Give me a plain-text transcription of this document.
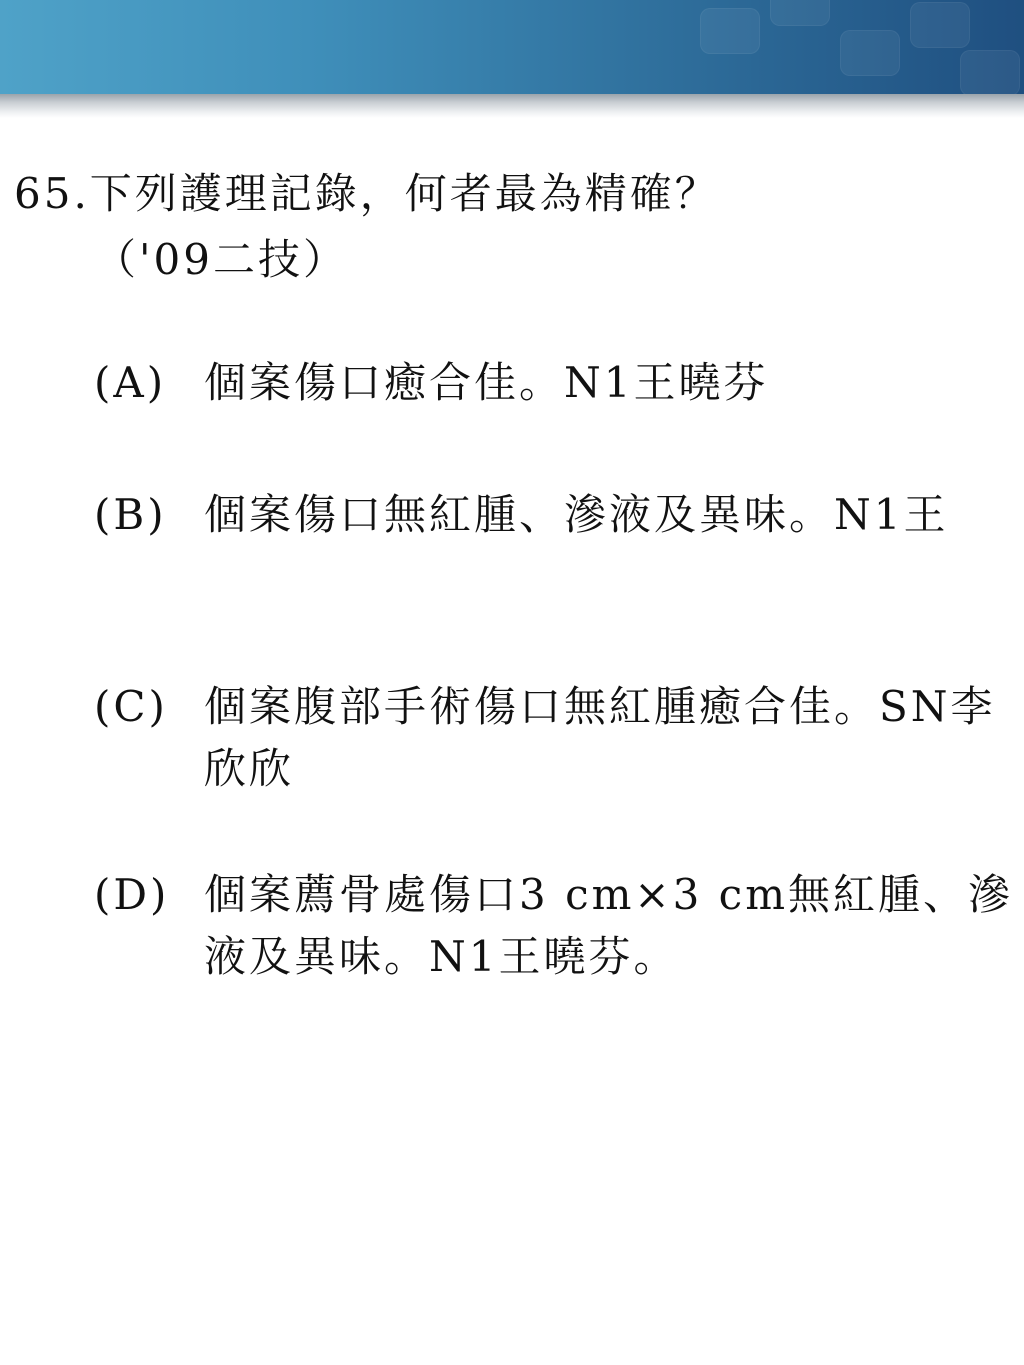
65.下列護理記錄，何者最為精確？
（'09二技）
(A) 個案傷口癒合佳。N1王曉芬
(B) 個案傷口無紅腫、滲液及異味。N1王
(C) 個案腹部手術傷口無紅腫癒合佳。SN李欣欣
(D) 個案薦骨處傷口3 cm×3 cm無紅腫、滲液及異味。N1王曉芬。
